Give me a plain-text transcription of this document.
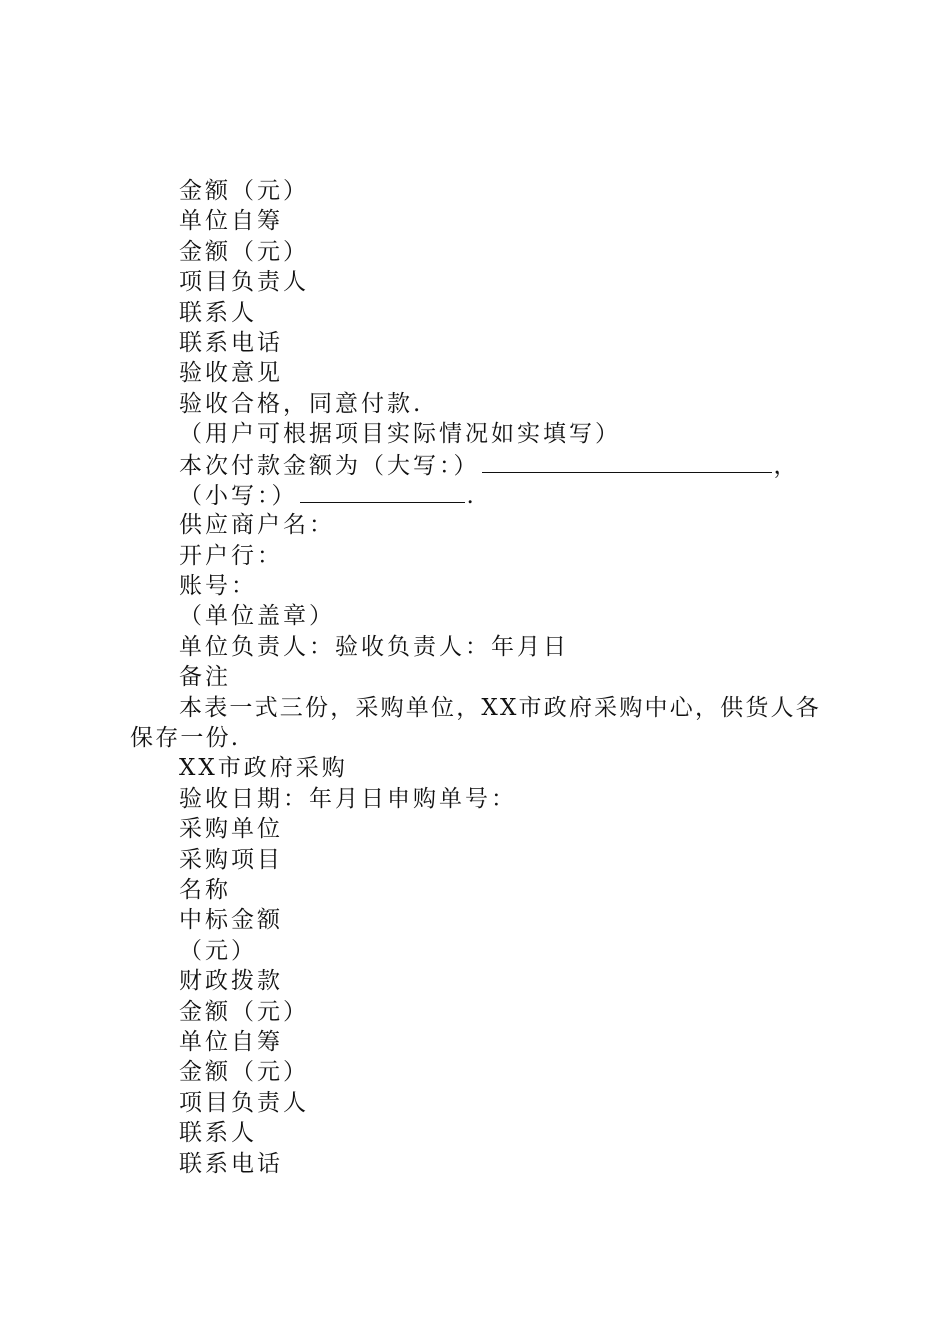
金额（元）
单位自筹
金额（元）
项目负责人
联系人
联系电话
验收意见
验收合格，同意付款.
（用户可根据项目实际情况如实填写）
本次付款金额为（大写：）	，
（小写：）	.
供应商户名：
开户行：
账号：
（单位盖章）
单位负责人：验收负责人：年月日
备注
本表一式三份，采购单位，XX市政府采购中心，供货人各保存一份.
XX市政府采购
验收日期：年月日申购单号：
采购单位
采购项目
名称
中标金额
（元）
财政拨款
金额（元）
单位自筹
金额（元）
项目负责人
联系人
联系电话
